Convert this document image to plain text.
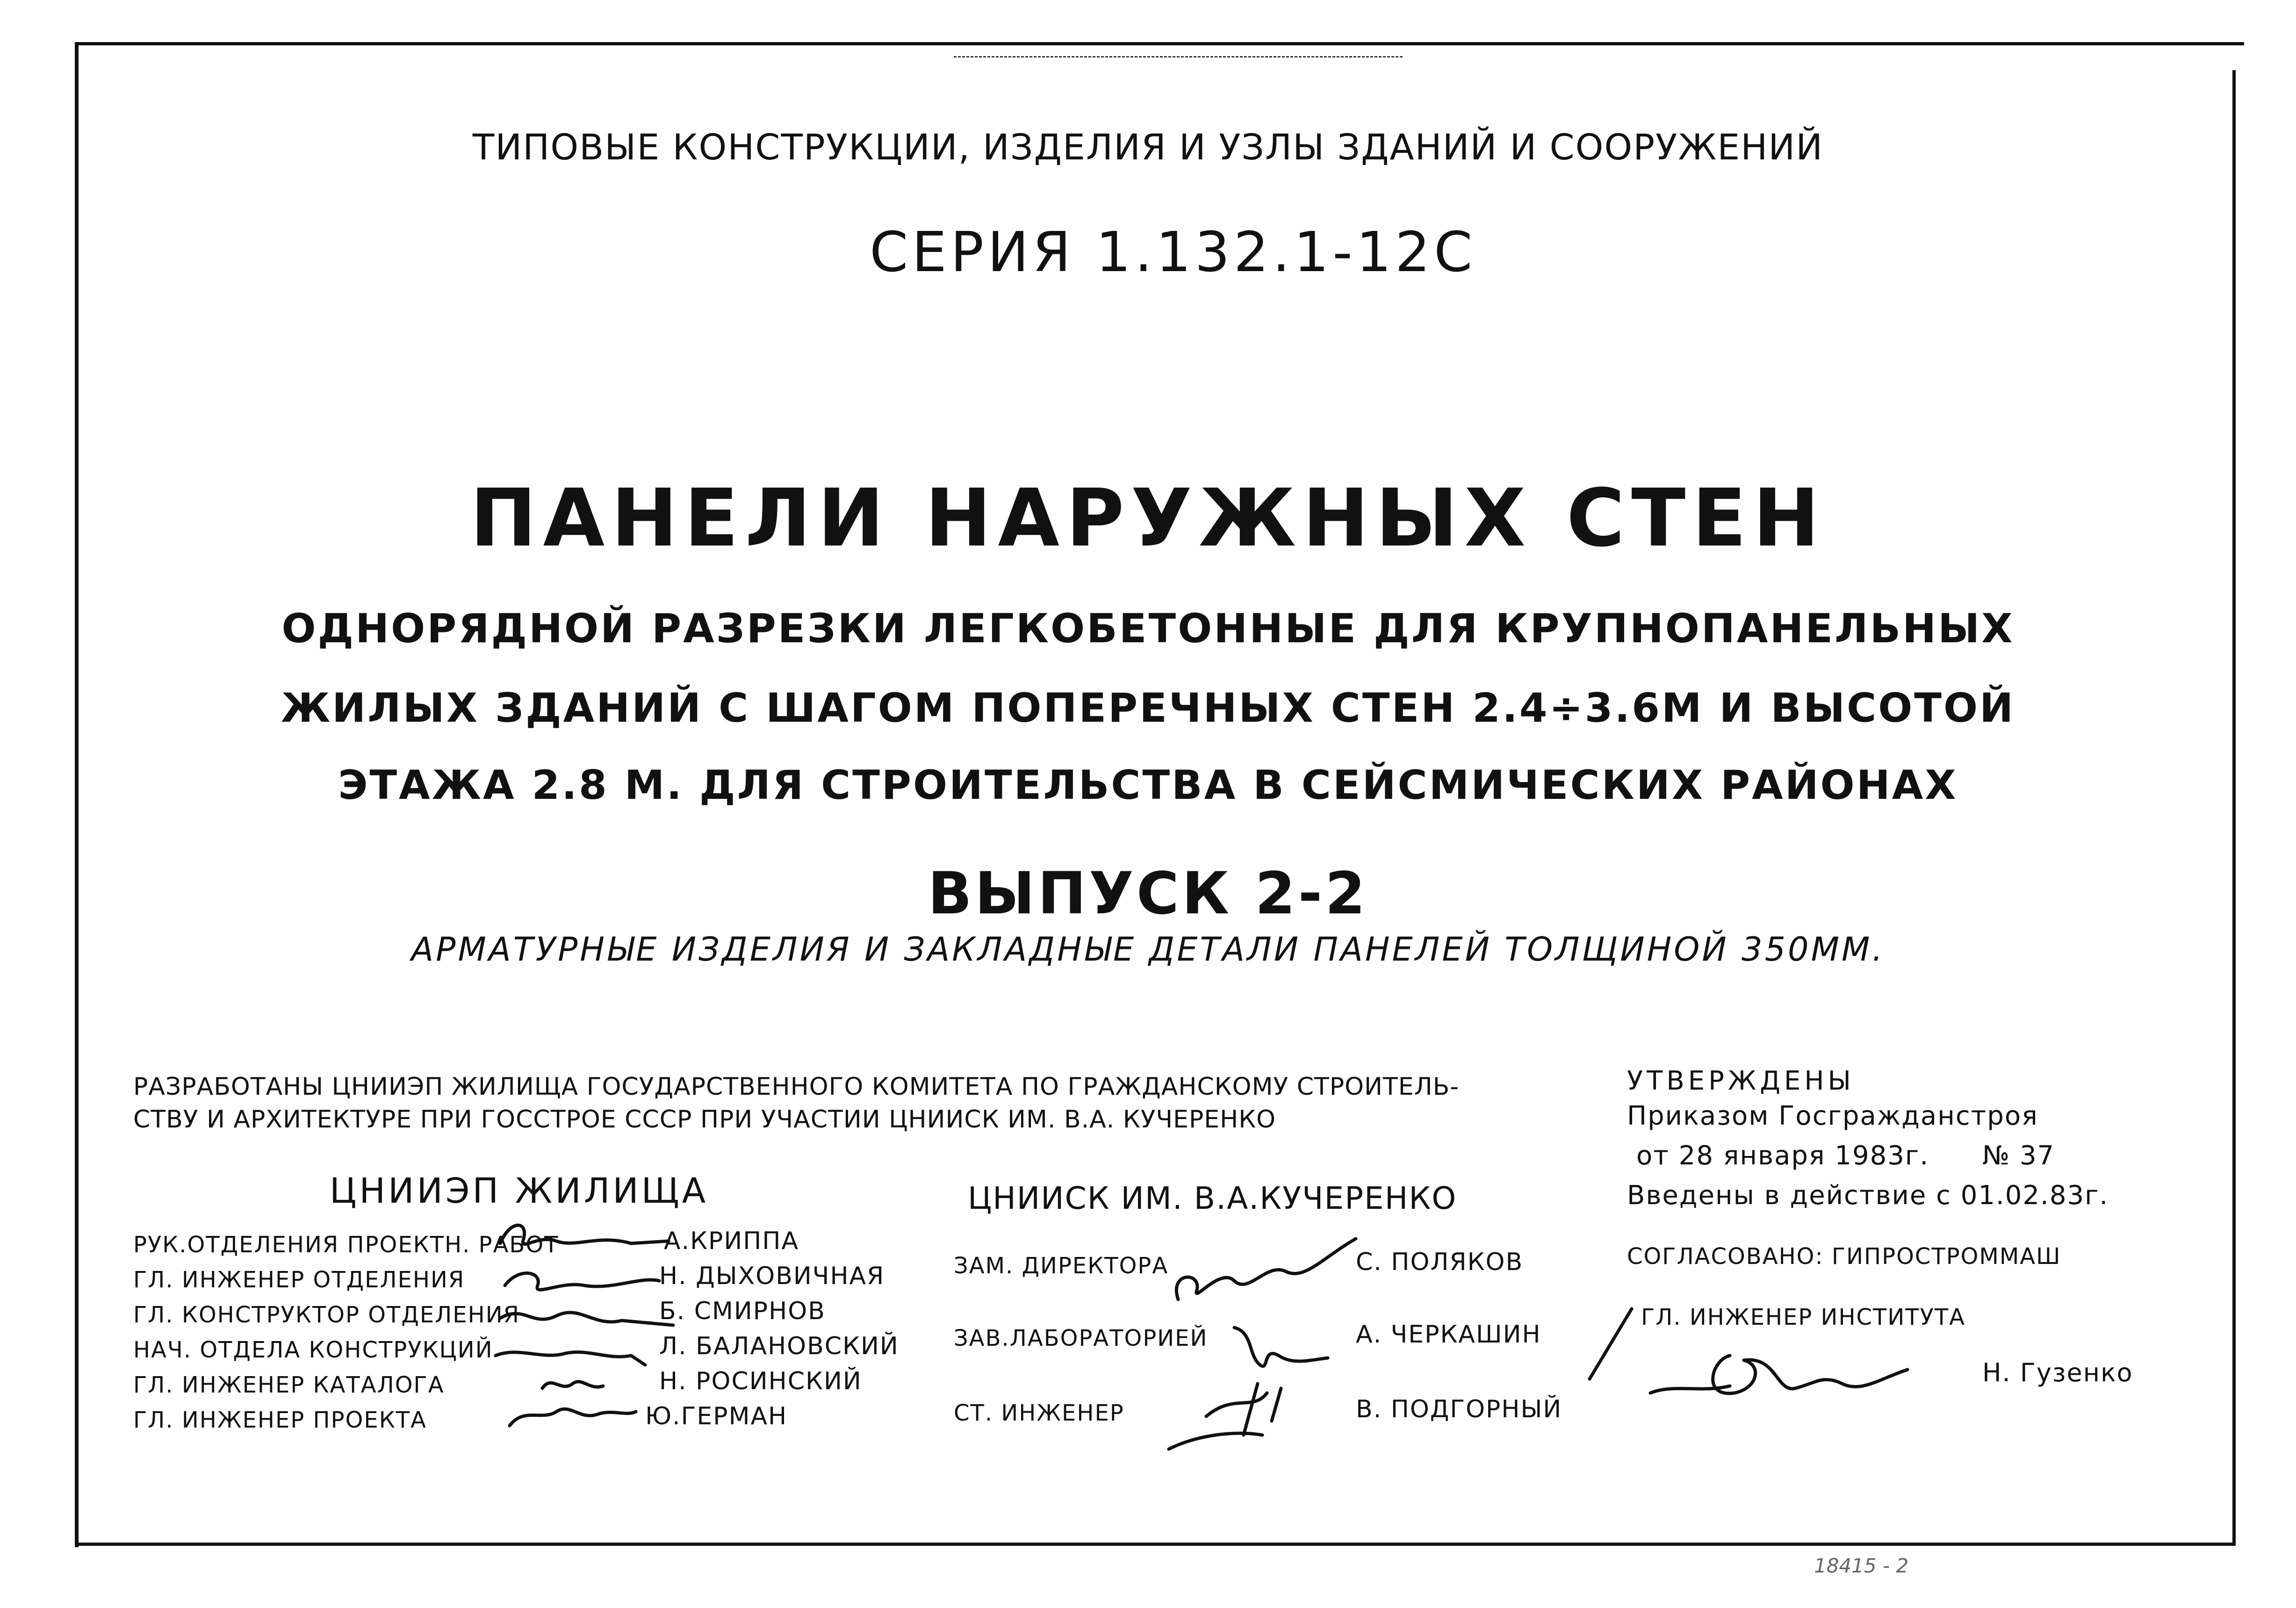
ТИПОВЫЕ КОНСТРУКЦИИ, ИЗДЕЛИЯ И УЗЛЫ ЗДАНИЙ И СООРУЖЕНИЙ
СЕРИЯ 1.132.1-12С
ПАНЕЛИ НАРУЖНЫХ СТЕН
ОДНОРЯДНОЙ РАЗРЕЗКИ ЛЕГКОБЕТОННЫЕ ДЛЯ КРУПНОПАНЕЛЬНЫХ
ЖИЛЫХ ЗДАНИЙ С ШАГОМ ПОПЕРЕЧНЫХ СТЕН 2.4÷3.6М И ВЫСОТОЙ
ЭТАЖА 2.8 М. ДЛЯ СТРОИТЕЛЬСТВА В СЕЙСМИЧЕСКИХ РАЙОНАХ
ВЫПУСК 2-2
АРМАТУРНЫЕ ИЗДЕЛИЯ И ЗАКЛАДНЫЕ ДЕТАЛИ ПАНЕЛЕЙ ТОЛЩИНОЙ 350ММ.
РАЗРАБОТАНЫ ЦНИИЭП ЖИЛИЩА ГОСУДАРСТВЕННОГО КОМИТЕТА ПО ГРАЖДАНСКОМУ СТРОИТЕЛЬ-
СТВУ И АРХИТЕКТУРЕ ПРИ ГОССТРОЕ СССР ПРИ УЧАСТИИ ЦНИИСК ИМ. В.А. КУЧЕРЕНКО
ЦНИИЭП ЖИЛИЩА
РУК.ОТДЕЛЕНИЯ ПРОЕКТН. РАБОТ	А.КРИППА
ГЛ. ИНЖЕНЕР ОТДЕЛЕНИЯ	Н. ДЫХОВИЧНАЯ
ГЛ. КОНСТРУКТОР ОТДЕЛЕНИЯ	Б. СМИРНОВ
НАЧ. ОТДЕЛА КОНСТРУКЦИЙ	Л. БАЛАНОВСКИЙ
ГЛ. ИНЖЕНЕР КАТАЛОГА	Н. РОСИНСКИЙ
ГЛ. ИНЖЕНЕР ПРОЕКТА	Ю.ГЕРМАН
ЦНИИСК ИМ. В.А.КУЧЕРЕНКО
ЗАМ. ДИРЕКТОРА	С. ПОЛЯКОВ
ЗАВ.ЛАБОРАТОРИЕЙ	А. ЧЕРКАШИН
СТ. ИНЖЕНЕР	В. ПОДГОРНЫЙ
УТВЕРЖДЕНЫ
Приказом Госгражданстроя
от 28 января 1983г. № 37
Введены в действие с 01.02.83г.
СОГЛАСОВАНО: ГИПРОСТРОММАШ
ГЛ. ИНЖЕНЕР ИНСТИТУТА
Н. Гузенко
18415 - 2
